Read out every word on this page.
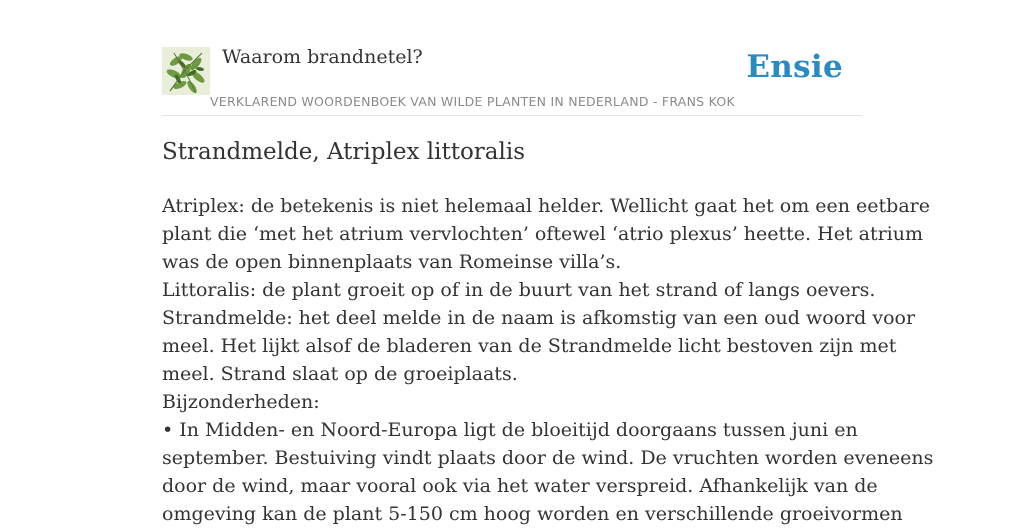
Waarom brandnetel?
VERKLAREND WOORDENBOEK VAN WILDE PLANTEN IN NEDERLAND - FRANS KOK
Ensie
Strandmelde, Atriplex littoralis
Atriplex: de betekenis is niet helemaal helder. Wellicht gaat het om een eetbare
plant die ‘met het atrium vervlochten’ oftewel ‘atrio plexus’ heette. Het atrium
was de open binnenplaats van Romeinse villa’s.
Littoralis: de plant groeit op of in de buurt van het strand of langs oevers.
Strandmelde: het deel melde in de naam is afkomstig van een oud woord voor
meel. Het lijkt alsof de bladeren van de Strandmelde licht bestoven zijn met
meel. Strand slaat op de groeiplaats.
Bijzonderheden:
• In Midden- en Noord-Europa ligt de bloeitijd doorgaans tussen juni en
september. Bestuiving vindt plaats door de wind. De vruchten worden eveneens
door de wind, maar vooral ook via het water verspreid. Afhankelijk van de
omgeving kan de plant 5-150 cm hoog worden en verschillende groeivormen
